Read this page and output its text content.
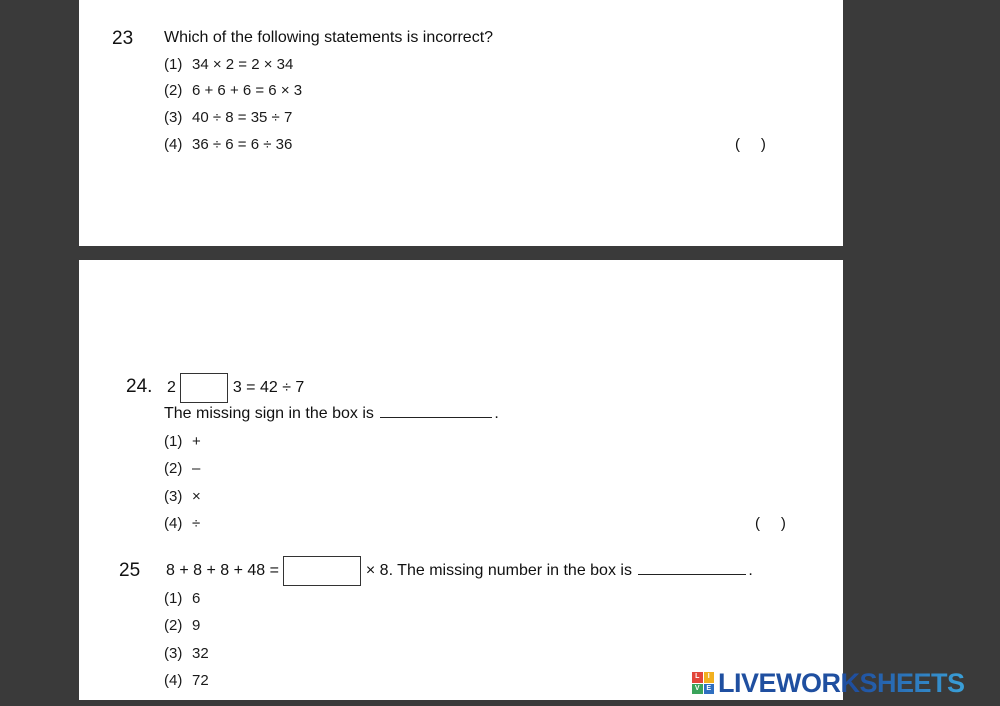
23 Which of the following statements is incorrect?
(1) 34 × 2 = 2 × 34
(2) 6 + 6 + 6 = 6 × 3
(3) 40 ÷ 8 = 35 ÷ 7
(4) 36 ÷ 6 = 6 ÷ 36	(     )
24. 2	3 = 42 ÷ 7
The missing sign in the box is	.
(1) +
(2) –
(3) ×
(4) ÷	(     )
25 8 + 8 + 8 + 48 =	× 8. The missing number in the box is	.
(1) 6
(2) 9
(3) 32
(4) 72	L	I
V E LIVEWORKSHEETS
